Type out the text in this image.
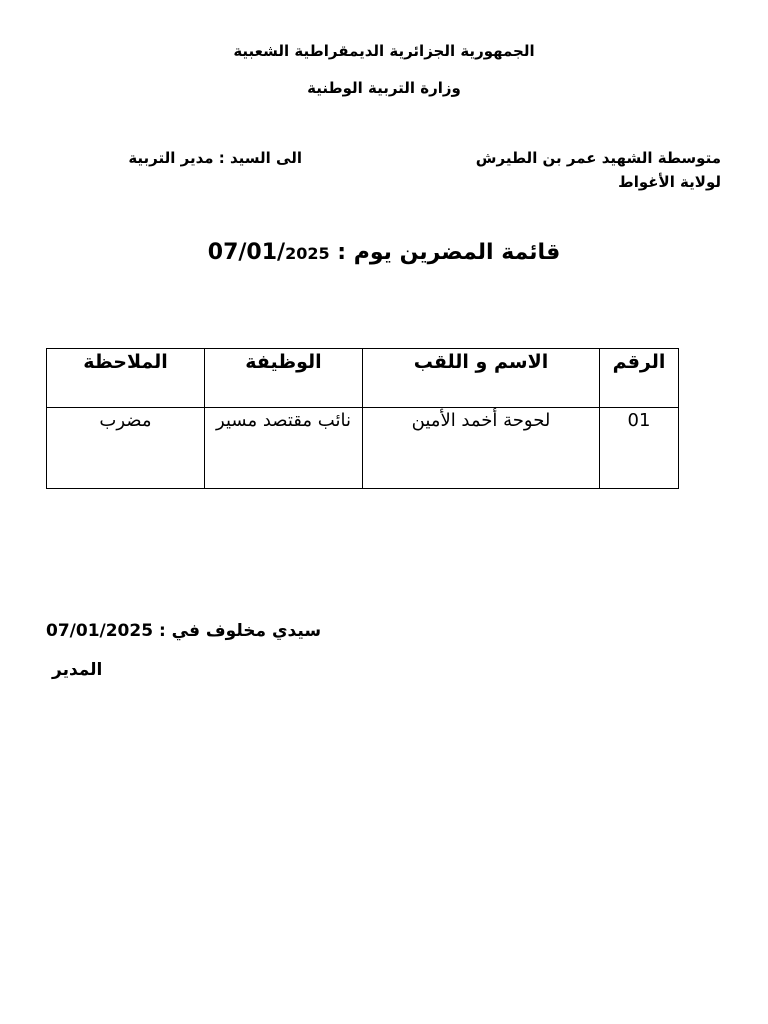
الجمهورية الجزائرية الديمقراطية الشعبية
وزارة التربية الوطنية
متوسطة الشهيد عمر بن الطيرش
لولاية الأغواط
الى السيد : مدير التربية
قائمة المضرين يوم : 07/01/2025
الرقم	الاسم و اللقب	الوظيفة	الملاحظة
01	لحوحة أخمد الأمين	نائب مقتصد مسير	مضرب
سيدي مخلوف في : 07/01/2025
المدير
